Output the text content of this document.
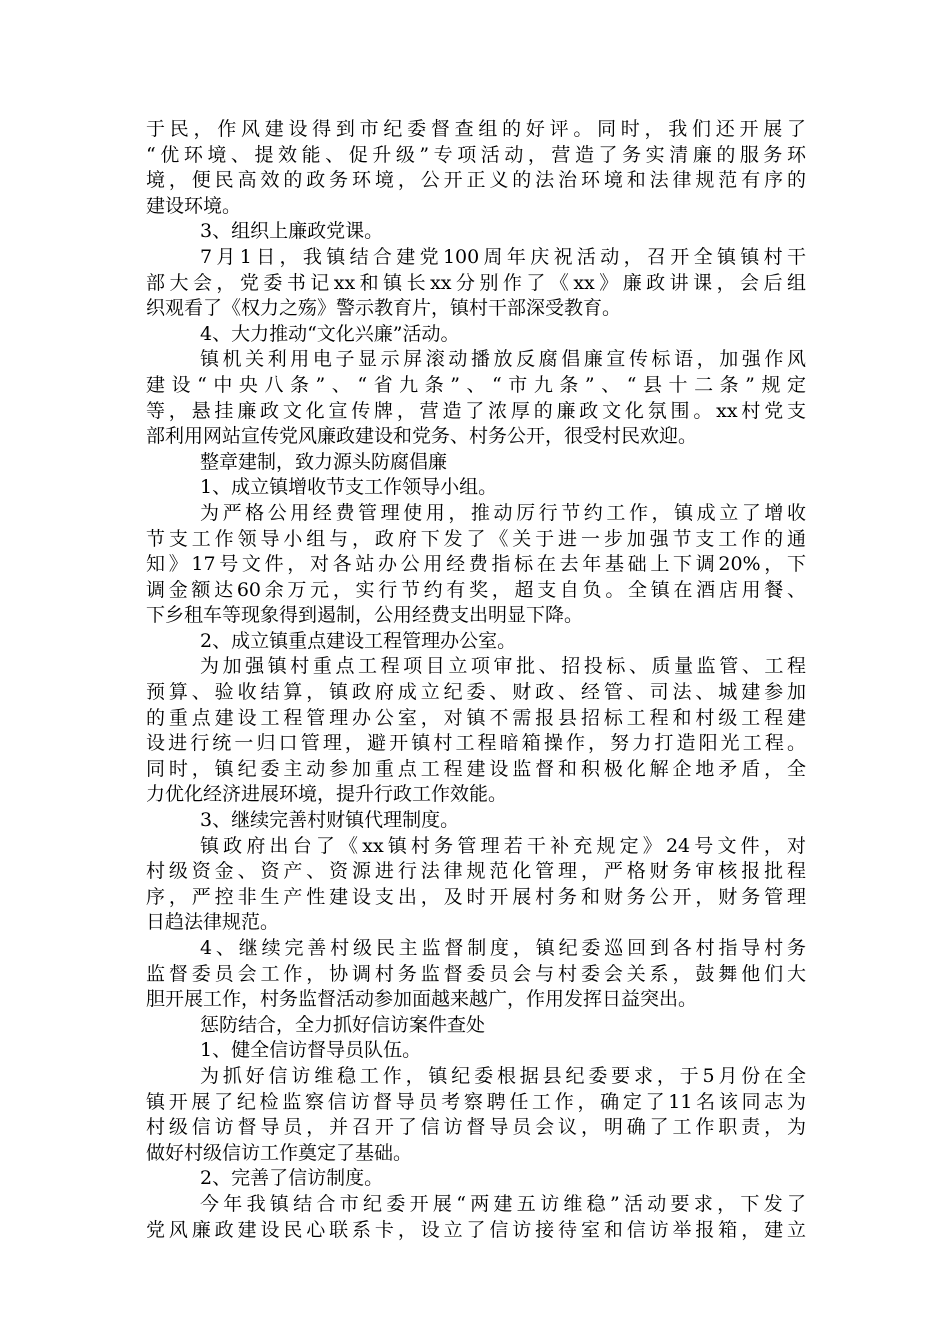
于民，作风建设得到市纪委督查组的好评。同时，我们还开展了
“优环境、提效能、促升级”专项活动，营造了务实清廉的服务环
境，便民高效的政务环境，公开正义的法治环境和法律规范有序的
建设环境。
3、组织上廉政党课。
7月1日，我镇结合建党100周年庆祝活动，召开全镇镇村干
部大会，党委书记xx和镇长xx分别作了《xx》廉政讲课，会后组
织观看了《权力之殇》警示教育片，镇村干部深受教育。
4、大力推动“文化兴廉”活动。
镇机关利用电子显示屏滚动播放反腐倡廉宣传标语，加强作风
建设“中央八条”、“省九条”、“市九条”、“县十二条”规定
等，悬挂廉政文化宣传牌，营造了浓厚的廉政文化氛围。xx村党支
部利用网站宣传党风廉政建设和党务、村务公开，很受村民欢迎。
整章建制，致力源头防腐倡廉
1、成立镇增收节支工作领导小组。
为严格公用经费管理使用，推动厉行节约工作，镇成立了增收
节支工作领导小组与，政府下发了《关于进一步加强节支工作的通
知》17号文件，对各站办公用经费指标在去年基础上下调20%，下
调金额达60余万元，实行节约有奖，超支自负。全镇在酒店用餐、
下乡租车等现象得到遏制，公用经费支出明显下降。
2、成立镇重点建设工程管理办公室。
为加强镇村重点工程项目立项审批、招投标、质量监管、工程
预算、验收结算，镇政府成立纪委、财政、经管、司法、城建参加
的重点建设工程管理办公室，对镇不需报县招标工程和村级工程建
设进行统一归口管理，避开镇村工程暗箱操作，努力打造阳光工程。
同时，镇纪委主动参加重点工程建设监督和积极化解企地矛盾，全
力优化经济进展环境，提升行政工作效能。
3、继续完善村财镇代理制度。
镇政府出台了《xx镇村务管理若干补充规定》24号文件，对
村级资金、资产、资源进行法律规范化管理，严格财务审核报批程
序，严控非生产性建设支出，及时开展村务和财务公开，财务管理
日趋法律规范。
4、继续完善村级民主监督制度，镇纪委巡回到各村指导村务
监督委员会工作，协调村务监督委员会与村委会关系，鼓舞他们大
胆开展工作，村务监督活动参加面越来越广，作用发挥日益突出。
惩防结合，全力抓好信访案件查处
1、健全信访督导员队伍。
为抓好信访维稳工作，镇纪委根据县纪委要求，于5月份在全
镇开展了纪检监察信访督导员考察聘任工作，确定了11名该同志为
村级信访督导员，并召开了信访督导员会议，明确了工作职责，为
做好村级信访工作奠定了基础。
2、完善了信访制度。
今年我镇结合市纪委开展“两建五访维稳”活动要求，下发了
党风廉政建设民心联系卡，设立了信访接待室和信访举报箱，建立
